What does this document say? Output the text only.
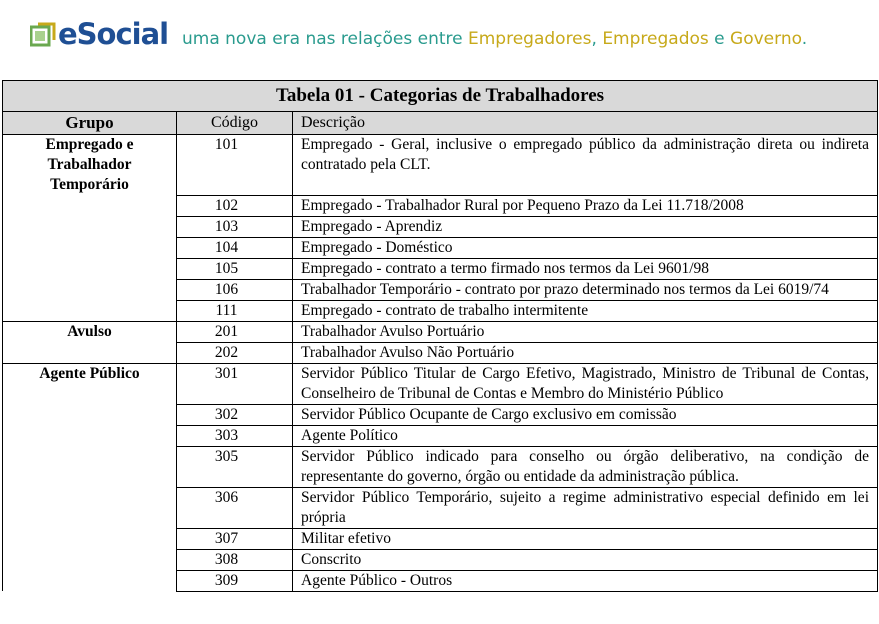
eSocial uma nova era nas relações entre Empregadores, Empregados e Governo.
Tabela 01 - Categorias de Trabalhadores		
Grupo	Código	Descrição
Empregado e Trabalhador Temporário	101	Empregado - Geral, inclusive o empregado público da administração direta ou indireta contratado pela CLT.
	102	Empregado - Trabalhador Rural por Pequeno Prazo da Lei 11.718/2008
	103	Empregado - Aprendiz
	104	Empregado - Doméstico
	105	Empregado - contrato a termo firmado nos termos da Lei 9601/98
	106	Trabalhador Temporário - contrato por prazo determinado nos termos da Lei 6019/74
	111	Empregado - contrato de trabalho intermitente
Avulso	201	Trabalhador Avulso Portuário
	202	Trabalhador Avulso Não Portuário
Agente Público	301	Servidor Público Titular de Cargo Efetivo, Magistrado, Ministro de Tribunal de Contas, Conselheiro de Tribunal de Contas e Membro do Ministério Público
	302	Servidor Público Ocupante de Cargo exclusivo em comissão
	303	Agente Político
	305	Servidor Público indicado para conselho ou órgão deliberativo, na condição de representante do governo, órgão ou entidade da administração pública.
	306	Servidor Público Temporário, sujeito a regime administrativo especial definido em lei própria
	307	Militar efetivo
	308	Conscrito
	309	Agente Público - Outros
